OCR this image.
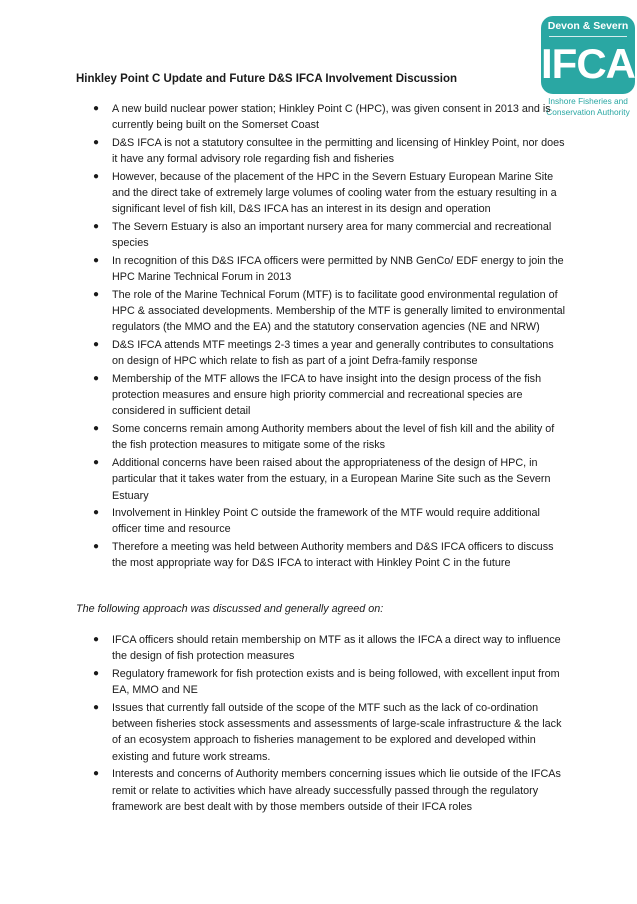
Devon & Severn
IFCA
Inshore Fisheries and
Conservation Authority
Hinkley Point C Update and Future D&S IFCA Involvement Discussion
● A new build nuclear power station; Hinkley Point C (HPC), was given consent in 2013 and is currently being built on the Somerset Coast
● D&S IFCA is not a statutory consultee in the permitting and licensing of Hinkley Point, nor does it have any formal advisory role regarding fish and fisheries
● However, because of the placement of the HPC in the Severn Estuary European Marine Site and the direct take of extremely large volumes of cooling water from the estuary resulting in a significant level of fish kill, D&S IFCA has an interest in its design and operation
● The Severn Estuary is also an important nursery area for many commercial and recreational species
● In recognition of this D&S IFCA officers were permitted by NNB GenCo/ EDF energy to join the HPC Marine Technical Forum in 2013
● The role of the Marine Technical Forum (MTF) is to facilitate good environmental regulation of HPC & associated developments. Membership of the MTF is generally limited to environmental regulators (the MMO and the EA) and the statutory conservation agencies (NE and NRW)
● D&S IFCA attends MTF meetings 2-3 times a year and generally contributes to consultations on design of HPC which relate to fish as part of a joint Defra-family response
● Membership of the MTF allows the IFCA to have insight into the design process of the fish protection measures and ensure high priority commercial and recreational species are considered in sufficient detail
● Some concerns remain among Authority members about the level of fish kill and the ability of the fish protection measures to mitigate some of the risks
● Additional concerns have been raised about the appropriateness of the design of HPC, in particular that it takes water from the estuary, in a European Marine Site such as the Severn Estuary
● Involvement in Hinkley Point C outside the framework of the MTF would require additional officer time and resource
● Therefore a meeting was held between Authority members and D&S IFCA officers to discuss the most appropriate way for D&S IFCA to interact with Hinkley Point C in the future

The following approach was discussed and generally agreed on:

● IFCA officers should retain membership on MTF as it allows the IFCA a direct way to influence the design of fish protection measures
● Regulatory framework for fish protection exists and is being followed, with excellent input from EA, MMO and NE
● Issues that currently fall outside of the scope of the MTF such as the lack of co-ordination between fisheries stock assessments and assessments of large-scale infrastructure & the lack of an ecosystem approach to fisheries management to be explored and developed within existing and future work streams.
● Interests and concerns of Authority members concerning issues which lie outside of the IFCAs remit or relate to activities which have already successfully passed through the regulatory framework are best dealt with by those members outside of their IFCA roles
